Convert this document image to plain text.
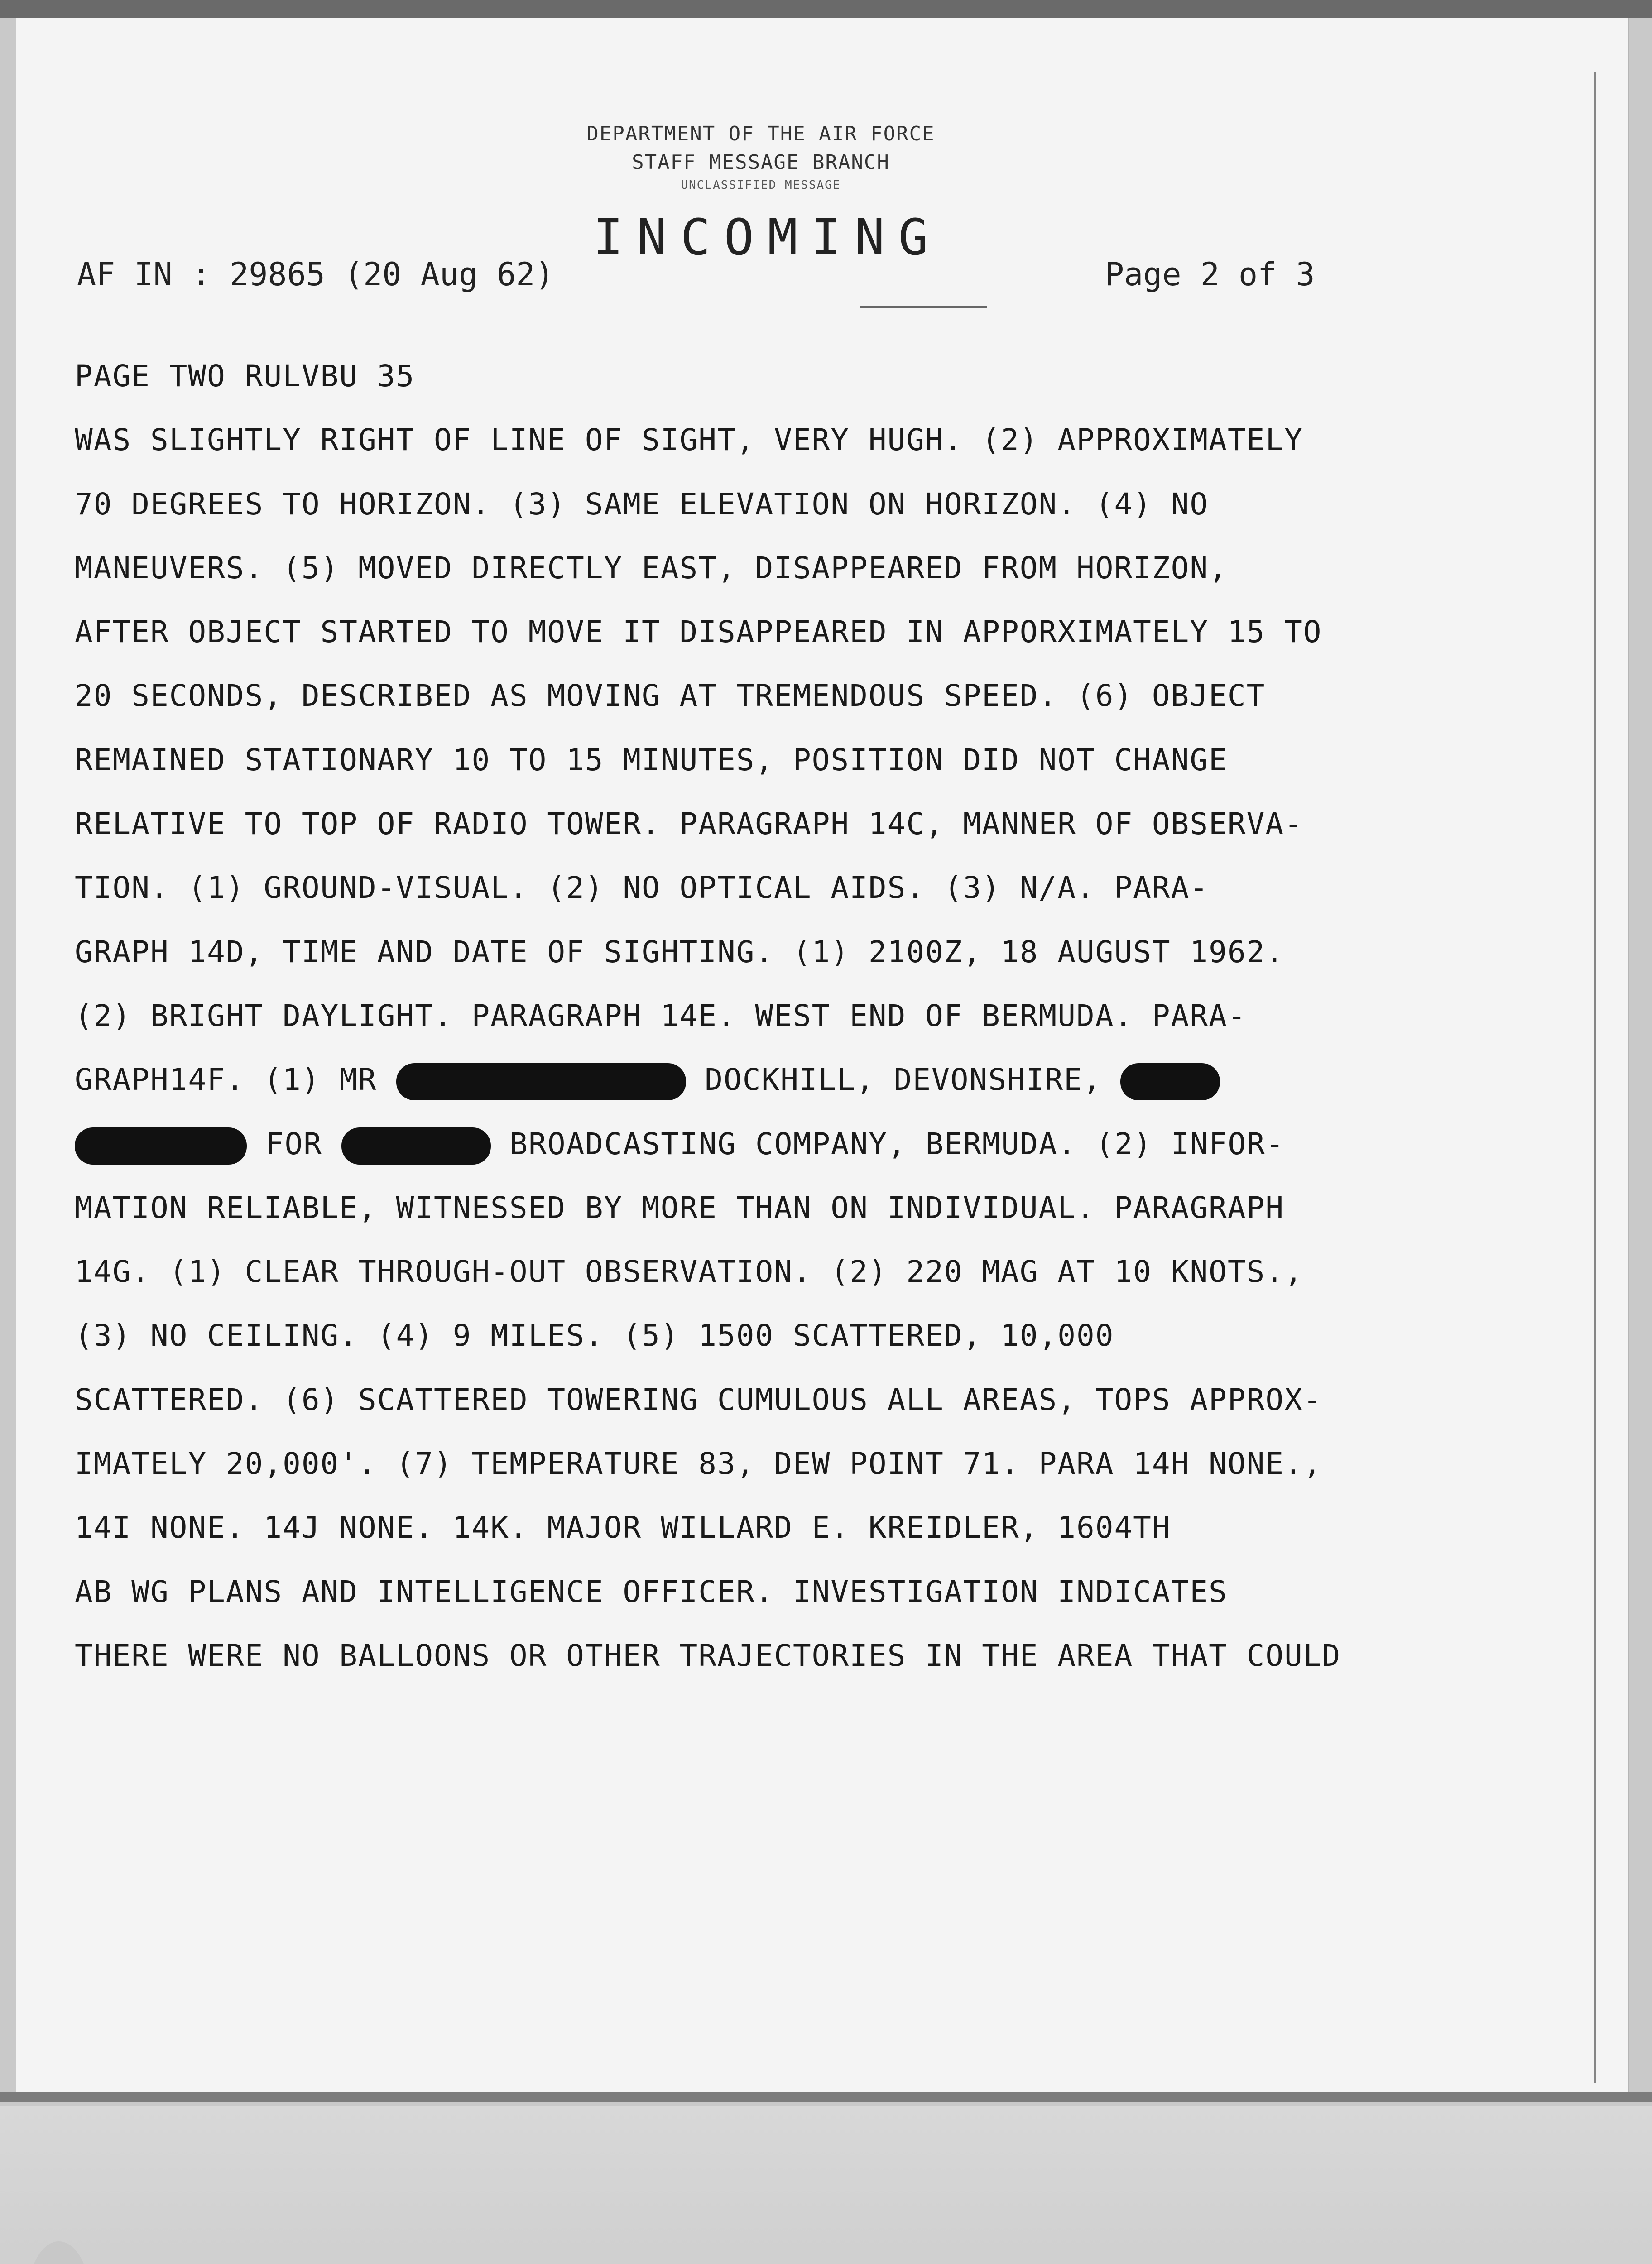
DEPARTMENT OF THE AIR FORCE
STAFF MESSAGE BRANCH
UNCLASSIFIED MESSAGE
INCOMING
AF IN : 29865 (20 Aug 62)	Page 2 of 3
PAGE TWO RULVBU 35
WAS SLIGHTLY RIGHT OF LINE OF SIGHT, VERY HUGH. (2) APPROXIMATELY
70 DEGREES TO HORIZON. (3) SAME ELEVATION ON HORIZON. (4) NO
MANEUVERS. (5) MOVED DIRECTLY EAST, DISAPPEARED FROM HORIZON,
AFTER OBJECT STARTED TO MOVE IT DISAPPEARED IN APPORXIMATELY 15 TO
20 SECONDS, DESCRIBED AS MOVING AT TREMENDOUS SPEED. (6) OBJECT
REMAINED STATIONARY 10 TO 15 MINUTES, POSITION DID NOT CHANGE
RELATIVE TO TOP OF RADIO TOWER. PARAGRAPH 14C, MANNER OF OBSERVA-
TION. (1) GROUND-VISUAL. (2) NO OPTICAL AIDS. (3) N/A. PARA-
GRAPH 14D, TIME AND DATE OF SIGHTING. (1) 2100Z, 18 AUGUST 1962.
(2) BRIGHT DAYLIGHT. PARAGRAPH 14E. WEST END OF BERMUDA. PARA-
GRAPH14F. (1) MR	DOCKHILL, DEVONSHIRE,
FOR	BROADCASTING COMPANY, BERMUDA. (2) INFOR-
MATION RELIABLE, WITNESSED BY MORE THAN ON INDIVIDUAL. PARAGRAPH
14G. (1) CLEAR THROUGH-OUT OBSERVATION. (2) 220 MAG AT 10 KNOTS.,
(3) NO CEILING. (4) 9 MILES. (5) 1500 SCATTERED, 10,000
SCATTERED. (6) SCATTERED TOWERING CUMULOUS ALL AREAS, TOPS APPROX-
IMATELY 20,000'. (7) TEMPERATURE 83, DEW POINT 71. PARA 14H NONE.,
14I NONE. 14J NONE. 14K. MAJOR WILLARD E. KREIDLER, 1604TH
AB WG PLANS AND INTELLIGENCE OFFICER. INVESTIGATION INDICATES
THERE WERE NO BALLOONS OR OTHER TRAJECTORIES IN THE AREA THAT COULD
